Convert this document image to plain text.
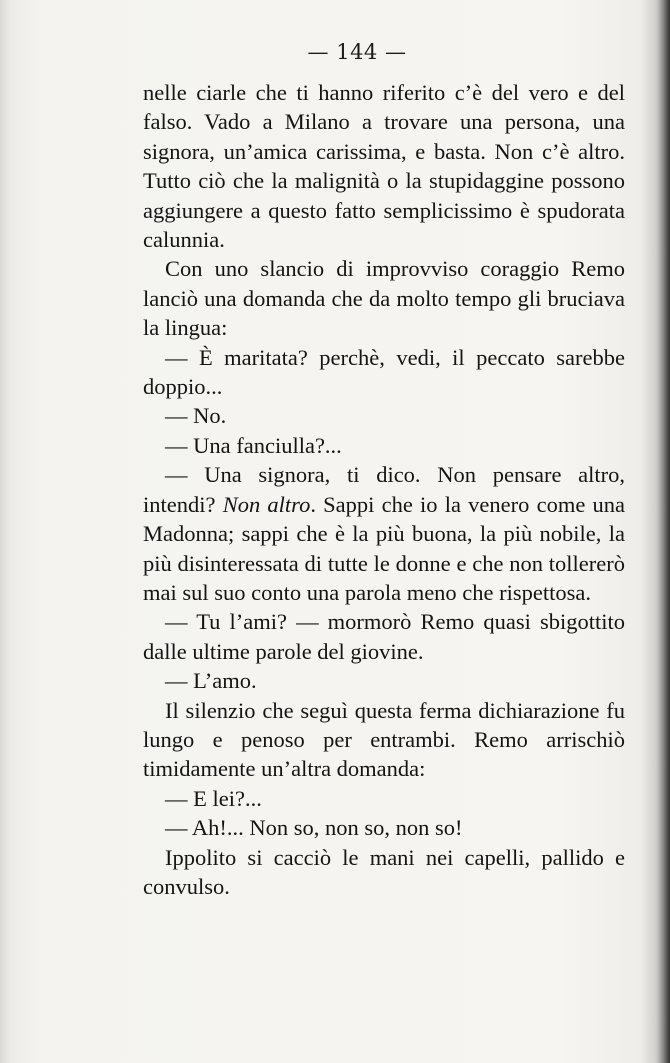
— 144 —

nelle ciarle che ti hanno riferito c’è del vero e del falso. Vado a Milano a trovare una persona, una signora, un’amica carissima, e basta. Non c’è altro. Tutto ciò che la malignità o la stupidaggine possono aggiungere a questo fatto semplicissimo è spudorata calunnia.

Con uno slancio di improvviso coraggio Remo lanciò una domanda che da molto tempo gli bruciava la lingua:

— È maritata? perchè, vedi, il peccato sarebbe doppio...

— No.

— Una fanciulla?...

— Una signora, ti dico. Non pensare altro, intendi? Non altro. Sappi che io la venero come una Madonna; sappi che è la più buona, la più nobile, la più disinteressata di tutte le donne e che non tollererò mai sul suo conto una parola meno che rispettosa.

— Tu l’ami? — mormorò Remo quasi sbigottito dalle ultime parole del giovine.

— L’amo.

Il silenzio che seguì questa ferma dichiarazione fu lungo e penoso per entrambi. Remo arrischiò timidamente un’altra domanda:

— E lei?...

— Ah!... Non so, non so, non so!

Ippolito si cacciò le mani nei capelli, pallido e convulso.
